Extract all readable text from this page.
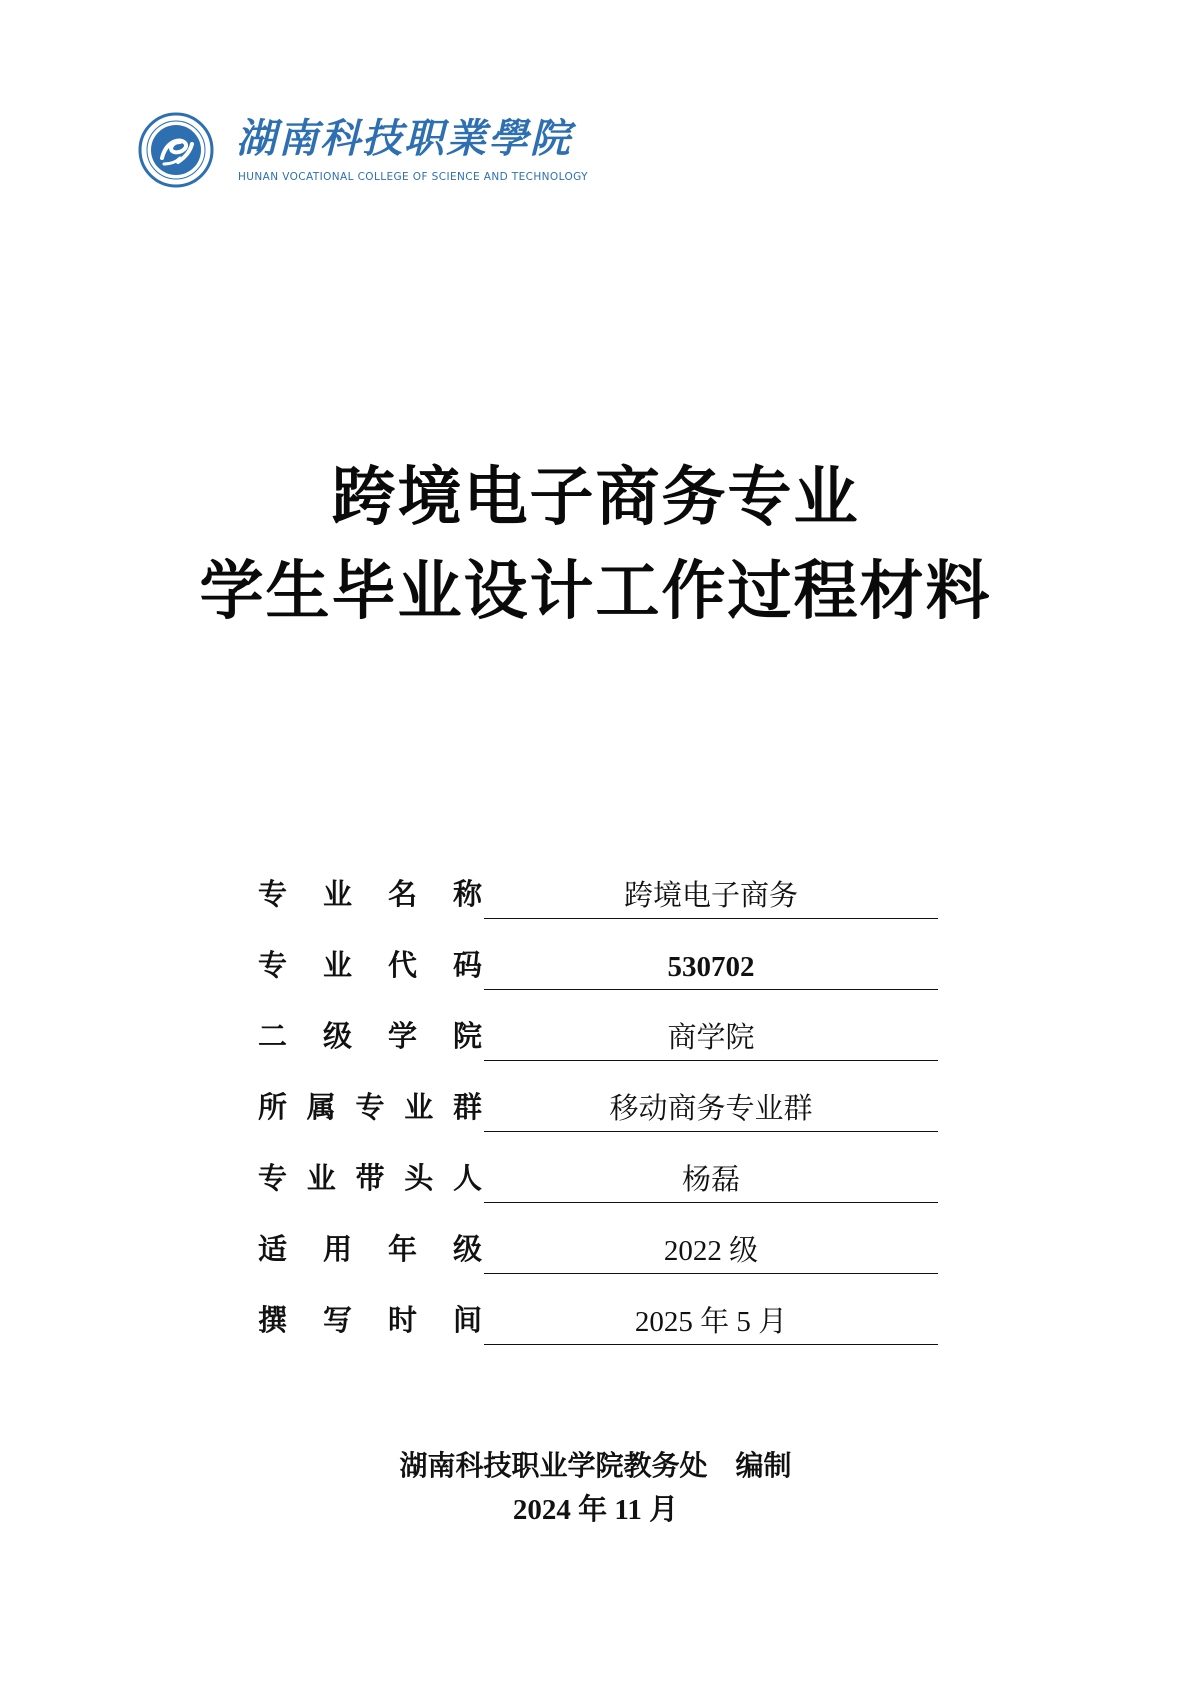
湖南科技职業學院
HUNAN VOCATIONAL COLLEGE OF SCIENCE AND TECHNOLOGY
跨境电子商务专业
学生毕业设计工作过程材料
专 业 名 称	跨境电子商务
专 业 代 码	530702
二 级 学 院	商学院
所 属 专 业 群	移动商务专业群
专 业 带 头 人	杨磊
适 用 年 级	2022 级
撰 写 时 间	2025 年 5 月
湖南科技职业学院教务处　编制
2024 年 11 月
